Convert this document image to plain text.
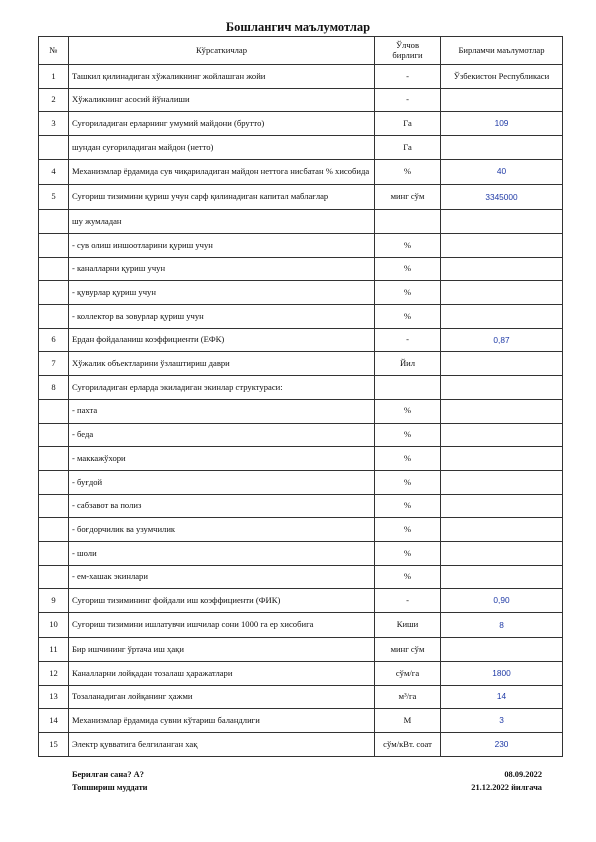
Бошлангич маълумотлар
№	Кўрсаткичлар	Ўлчов бирлиги	Бирламчи маълумотлар
1	Ташкил қилинадиган хўжаликнинг жойлашган жойи	-	Ўзбекистон Республикаси
2	Хўжаликнинг асосий йўналиши	-	
3	Суғориладиган ерларнинг умумий майдони (брутто)	Га	109
	шундан суғориладиган майдон (нетто)	Га	
4	Механизмлар ёрдамида сув чиқариладиган майдон неттога нисбатан % хисобида	%	40
5	Суғориш тизимини қуриш учун сарф қилинадиган капитал маблағлар	минг сўм	3345000
	шу жумладан		
	- сув олиш иншоотларини қуриш учун	%	
	- каналларни қуриш учун	%	
	- қувурлар қуриш учун	%	
	- коллектор ва зовурлар қуриш учун	%	
6	Ердан фойдаланиш коэффициенти (ЕФК)	-	0,87
7	Хўжалик объектларини ўзлаштириш даври	Йил	
8	Суғориладиган ерларда экиладиган экинлар структураси:		
	- пахта	%	
	- беда	%	
	- маккажўхори	%	
	- буғдой	%	
	- сабзавот ва полиз	%	
	- боғдорчилик ва узумчилик	%	
	- шоли	%	
	- ем-хашак экинлари	%	
9	Суғориш тизимининг фойдали иш коэффициенти (ФИК)	-	0,90
10	Суғориш тизимини ишлатувчи ишчилар сони 1000 га ер хисобига	Киши	8
11	Бир ишчининг ўртача иш ҳақи	минг сўм	
12	Каналларни лойқадан тозалаш ҳаражатлари	сўм/га	1800
13	Тозаланадиган лойқанинг ҳажми	м³/га	14
14	Механизмлар ёрдамида сувни кўтариш баландлиги	М	3
15	Электр қувватига белгиланган хақ	сўм/кВт. соат	230
Берилган сана? А?	08.09.2022
Топшириш муддати	21.12.2022 йилгача
